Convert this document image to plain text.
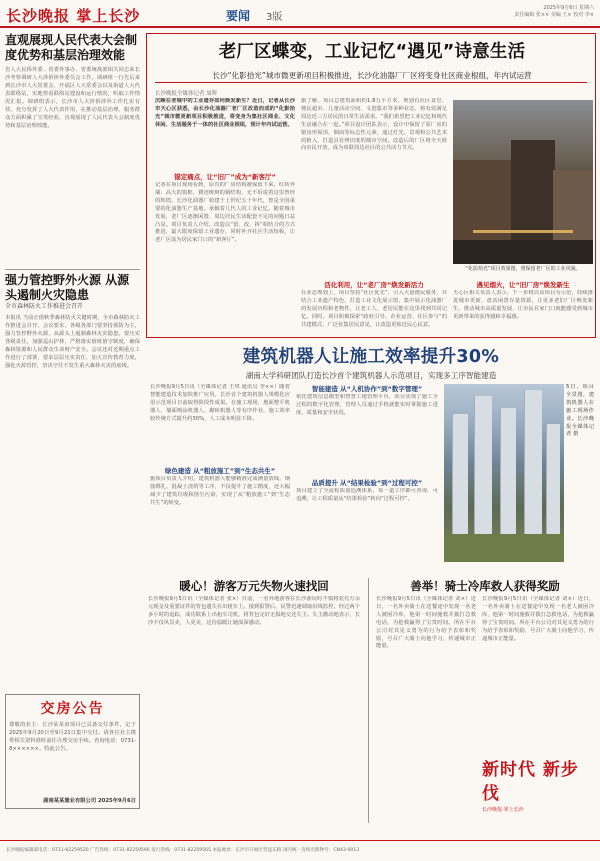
长沙晚报 掌上长沙	要闻 3版
2025年9月6日 星期六
责任编辑 张×× 美编 王× 校对 李×
直观展现人民代表大会制度优势和基层治理效能
省人大民侨外委、省委外事办、省委统战部相关同志来长沙考察调研人大涉侨涉外委员会工作。调研组一行先后来到长沙市人大常委会、开福区人大常委会以及街道人大代表联络站，实地察看联络站建设和运行情况，听取工作情况汇报。调研组表示，长沙市人大涉侨涉外工作扎实有效，充分发挥了人大代表作用，在推动基层治理、服务群众方面积累了宝贵经验，直观展现了人民代表大会制度优势和基层治理效能。
强力管控野外火源 从源头遏制火灾隐患
全市森林防火工作推进会召开
本报讯 当前正值秋季森林防火关键时期，全市森林防火工作推进会召开。会议要求，各级各部门要坚持预防为主，强力管控野外火源，从源头上遏制森林火灾隐患。要压实各级责任，加强巡山护林，严格落实值班值守制度，确保森林资源和人民群众生命财产安全。会议还对近期重点工作进行了部署，要求层层压实责任，加大宣传教育力度，强化火源管控，坚决守住不发生重大森林火灾的底线。
交房公告
尊敬的业主：长沙某某府项目已具备交付条件，定于2025年9月20日至9月21日集中交付。请各位业主携带相关资料准时前往办理交房手续。咨询电话：0731-8××××××。特此公告。
湖南某某置业有限公司 2025年9月6日
老厂区蝶变，工业记忆“遇见”诗意生活
长沙“化影拾光”城市微更新项目积极推进，长沙化油器厂厂区将变身社区商业根组，年内试运营
长沙晚报全媒体记者 周辉
沉睡在老城中的工业遗存如何焕发新生？近日，记者从长沙市天心区获悉，由长沙化油器厂老厂区改造而成的“化影拾光”城市微更新项目积极推进，将变身为集社区商业、文化休闲、生活服务于一体的社区商业根组，预计年内试运营。
锚定痛点，让“旧厂”成为“新客厅”
记者在项目现场看到，原有的厂房结构被保留下来，红砖外墙、高大的窗框、锈迹斑斑的钢结构，无不诉说着这里曾经的辉煌。长沙化油器厂始建于上世纪五十年代，曾是全国重要的化油器生产基地，承载着几代人的工业记忆。随着城市发展，老厂区逐渐闲置，周边居民生活配套不足的问题日益凸显。项目负责人介绍，改造以“留、改、拆”相结合的方式推进，最大限度保留工业遗存，同时补齐社区生活短板，让老厂区成为居民家门口的“新客厅”。
据了解，项目总建筑面积约1.8万平方米，规划有社区食堂、便民超市、儿童活动空间、文创集市等多种业态，将有效满足周边近三万居民的日常生活需求。“我们希望把工业记忆和现代生活融合在一起。”项目设计团队表示，设计中保留了原厂房的锯齿形屋顶、烟囱等标志性元素，通过灯光、景观和公共艺术的植入，打造具有辨识度的城市空间。改造后的厂区将全天候向市民开放，成为串联周边社区的公共活力节点。
活化利用，让“老厂房”焕发新活力
在业态规划上，项目坚持“社区优先”，引入大量便民服务，并结合工业遗产特色，打造工业文化展示馆，集中展示化油器厂的发展历程和老物件，让老工人、老居民能在这里找到共同记忆。同时，项目积极探索“政府引导、企业运营、社区参与”的共建模式，广泛征集居民意见，让改造更贴近民心民意。
“化影拾光”项目效果图，将保留老厂区的工业风貌。
遇见烟火，让“旧厂房”焕发新生
天心区相关负责人表示，下一步将以该项目为示范，持续推进城市更新，盘活闲置存量资源，让更多老旧厂区焕发新生，推动城市高质量发展，让市民在家门口就能感受到城市更新带来的获得感和幸福感。
建筑机器人让施工效率提升30%
湖南大学科研团队打造长沙首个建筑机器人示范项目，实现多工序智能建造
长沙晚报9月5日讯（全媒体记者 王琪 通讯员 李××）随着智能建造技术加快推广应用，长沙首个建筑机器人规模化应用示范项目日前取得阶段性成果。在施工现场，地面整平机器人、墙面喷涂机器人、砌砖机器人等有序作业，施工效率较传统方式提升约30%，人工成本明显下降。
绿色建造 从“粗放施工”到“生态共生”
据项目负责人介绍，建筑机器人能够精准完成测量放线、钢筋绑扎、混凝土浇筑等工序，不仅提升了施工精度，还大幅减少了建筑垃圾和扬尘污染，实现了从“粗放施工”到“生态共生”的转变。
智能建造 从“人机协作”到“数字管理”
依托建筑信息模型和智慧工地管理平台，项目实现了施工全过程的数字化管理，管理人员通过手机就能实时掌握施工进度、质量和安全状况。
品质提升 从“结果检验”到“过程可控”
项目建立了全流程质量追溯体系，每一道工序都可查询、可追溯，让工程质量从“结果检验”转向“过程可控”。
5日，项目全景图，建筑机器人在施工现场作业。长沙晚报全媒体记者 摄
暖心！游客万元失物火速找回
长沙晚报9月5日讯（全媒体记者 张×）日前，一名外地游客在长沙游玩时不慎将装有万余元现金及重要证件的背包遗失在出租车上。接到报警后，民警迅速调取沿线监控，经过两个多小时的追踪，成功联系上出租车司机，将背包完好无损地交还失主。失主激动地表示，长沙不仅风景美，人更美，这份温暖让她深深感动。
善举！骑士冷库救人获得奖励
长沙晚报9月5日讯（全媒体记者 刘×）近日，一名外卖骑士在送餐途中发现一名老人被困冷库，他第一时间施救并拨打急救电话，为抢救赢得了宝贵时间。所在平台公司对其见义勇为的行为给予表彰和奖励，号召广大骑士向他学习，传递城市正能量。
长沙晚报9月5日讯（全媒体记者 刘×）近日，一名外卖骑士在送餐途中发现一名老人被困冷库，他第一时间施救并拨打急救电话，为抢救赢得了宝贵时间。所在平台公司对其见义勇为的行为给予表彰和奖励，号召广大骑士向他学习，传递城市正能量。
新时代 新步伐
长沙晚报·掌上长沙
长沙晚报编辑部电话：0731-82259520 广告热线：0731-82259566 发行热线：0731-82259565 本报地址：长沙市开福区营盘东路 国内统一连续出版物号：CN43-0013
